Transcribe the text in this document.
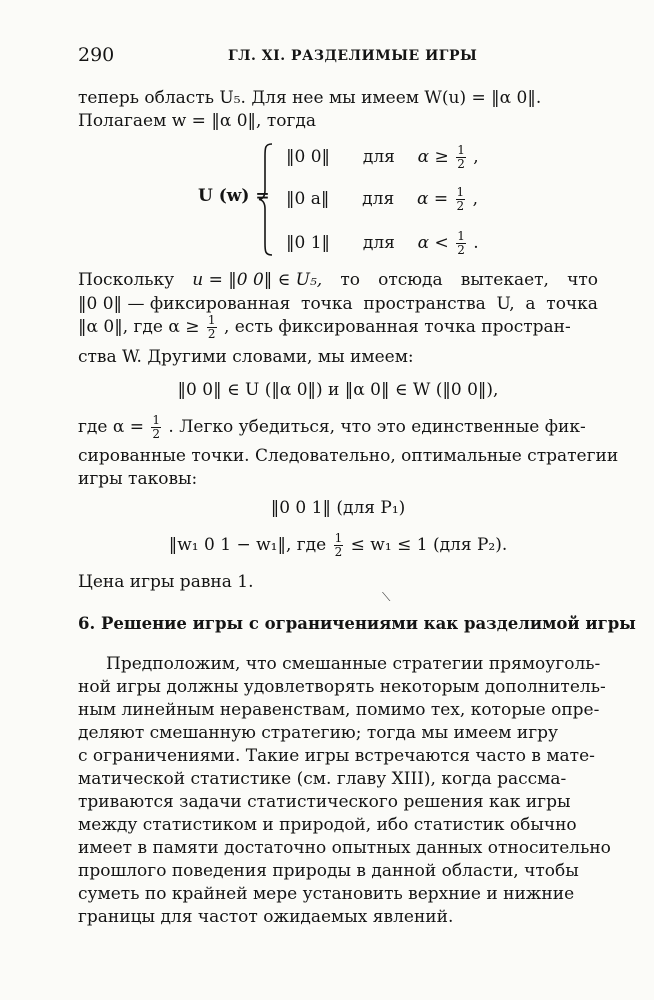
290	ГЛ. XI. РАЗДЕЛИМЫЕ ИГРЫ
теперь область U₅. Для нее мы имеем W(u) = ‖α 0‖.
Полагаем w = ‖α 0‖, тогда
U (w) =
‖0 0‖ для $\alpha \ge \frac{1}{2}$ ,
‖0 a‖ для $\alpha = \frac{1}{2}$ ,
‖0 1‖ для $\alpha < \frac{1}{2}$ .
Поскольку u = ‖0 0‖ ∈ U₅, то отсюда вытекает, что
‖0 0‖ — фиксированная точка пространства U, а точка
‖α 0‖, где $\alpha \ge \frac{1}{2}$ , есть фиксированная точка простран-
ства W. Другими словами, мы имеем:
‖0 0‖ ∈ U (‖α 0‖) и ‖α 0‖ ∈ W (‖0 0‖),
где $\alpha = \frac{1}{2}$ . Легко убедиться, что это единственные фик-
сированные точки. Следовательно, оптимальные стратегии
игры таковы:
‖0 0 1‖ (для P₁)
‖w₁ 0 1 − w₁‖, где $\frac{1}{2} \le w_1 \le 1$ (для P₂).
Цена игры равна 1.
⟍
6. Решение игры с ограничениями как разделимой игры
Предположим, что смешанные стратегии прямоуголь-
ной игры должны удовлетворять некоторым дополнитель-
ным линейным неравенствам, помимо тех, которые опре-
деляют смешанную стратегию; тогда мы имеем игру
с ограничениями. Такие игры встречаются часто в мате-
матической статистике (см. главу XIII), когда рассма-
триваются задачи статистического решения как игры
между статистиком и природой, ибо статистик обычно
имеет в памяти достаточно опытных данных относительно
прошлого поведения природы в данной области, чтобы
суметь по крайней мере установить верхние и нижние
границы для частот ожидаемых явлений.
